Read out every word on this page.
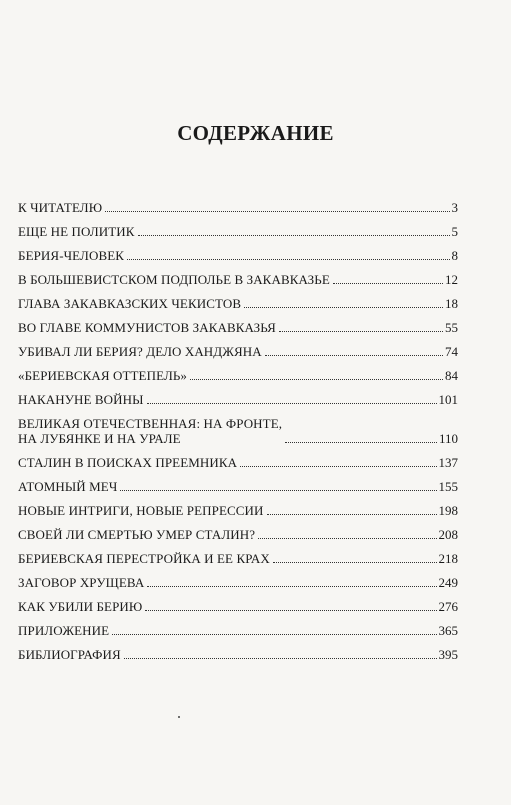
СОДЕРЖАНИЕ
К ЧИТАТЕЛЮ	3
ЕЩЕ НЕ ПОЛИТИК	5
БЕРИЯ-ЧЕЛОВЕК	8
В БОЛЬШЕВИСТСКОМ ПОДПОЛЬЕ В ЗАКАВКАЗЬЕ	12
ГЛАВА ЗАКАВКАЗСКИХ ЧЕКИСТОВ	18
ВО ГЛАВЕ КОММУНИСТОВ ЗАКАВКАЗЬЯ	55
УБИВАЛ ЛИ БЕРИЯ? ДЕЛО ХАНДЖЯНА	74
«БЕРИЕВСКАЯ ОТТЕПЕЛЬ»	84
НАКАНУНЕ ВОЙНЫ	101
ВЕЛИКАЯ ОТЕЧЕСТВЕННАЯ: НА ФРОНТЕ,
НА ЛУБЯНКЕ И НА УРАЛЕ	110
СТАЛИН В ПОИСКАХ ПРЕЕМНИКА	137
АТОМНЫЙ МЕЧ	155
НОВЫЕ ИНТРИГИ, НОВЫЕ РЕПРЕССИИ	198
СВОЕЙ ЛИ СМЕРТЬЮ УМЕР СТАЛИН?	208
БЕРИЕВСКАЯ ПЕРЕСТРОЙКА И ЕЕ КРАХ	218
ЗАГОВОР ХРУЩЕВА	249
КАК УБИЛИ БЕРИЮ	276
ПРИЛОЖЕНИЕ	365
БИБЛИОГРАФИЯ	395
